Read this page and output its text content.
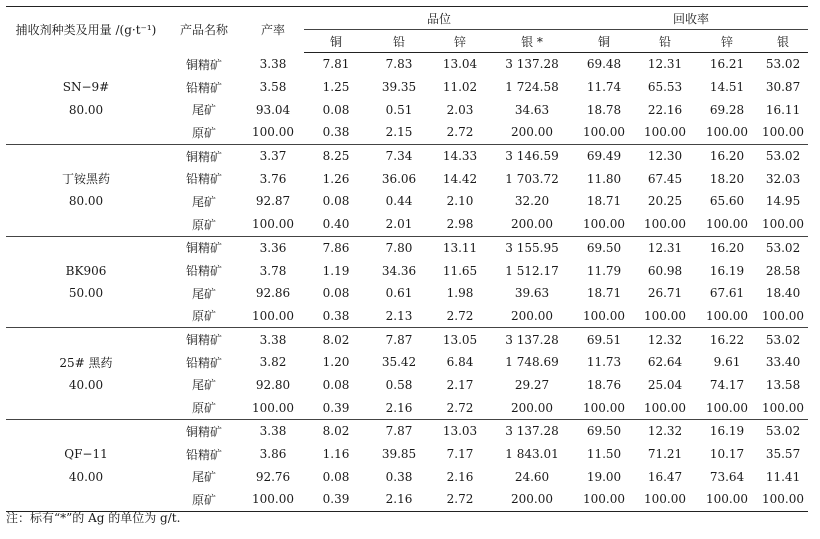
捕收剂种类及用量 /(g·t⁻¹)	产品名称	产率	品位				回收率			
			铜	铅	锌	银 *	铜	铅	锌	银
	铜精矿	3.38	7.81	7.83	13.04	3 137.28	69.48	12.31	16.21	53.02
SN−9#	铅精矿	3.58	1.25	39.35	11.02	1 724.58	11.74	65.53	14.51	30.87
80.00	尾矿	93.04	0.08	0.51	2.03	34.63	18.78	22.16	69.28	16.11
	原矿	100.00	0.38	2.15	2.72	200.00	100.00	100.00	100.00	100.00
	铜精矿	3.37	8.25	7.34	14.33	3 146.59	69.49	12.30	16.20	53.02
丁铵黑药	铅精矿	3.76	1.26	36.06	14.42	1 703.72	11.80	67.45	18.20	32.03
80.00	尾矿	92.87	0.08	0.44	2.10	32.20	18.71	20.25	65.60	14.95
	原矿	100.00	0.40	2.01	2.98	200.00	100.00	100.00	100.00	100.00
	铜精矿	3.36	7.86	7.80	13.11	3 155.95	69.50	12.31	16.20	53.02
BK906	铅精矿	3.78	1.19	34.36	11.65	1 512.17	11.79	60.98	16.19	28.58
50.00	尾矿	92.86	0.08	0.61	1.98	39.63	18.71	26.71	67.61	18.40
	原矿	100.00	0.38	2.13	2.72	200.00	100.00	100.00	100.00	100.00
	铜精矿	3.38	8.02	7.87	13.05	3 137.28	69.51	12.32	16.22	53.02
25# 黑药	铅精矿	3.82	1.20	35.42	6.84	1 748.69	11.73	62.64	9.61	33.40
40.00	尾矿	92.80	0.08	0.58	2.17	29.27	18.76	25.04	74.17	13.58
	原矿	100.00	0.39	2.16	2.72	200.00	100.00	100.00	100.00	100.00
	铜精矿	3.38	8.02	7.87	13.03	3 137.28	69.50	12.32	16.19	53.02
QF−11	铅精矿	3.86	1.16	39.85	7.17	1 843.01	11.50	71.21	10.17	35.57
40.00	尾矿	92.76	0.08	0.38	2.16	24.60	19.00	16.47	73.64	11.41
	原矿	100.00	0.39	2.16	2.72	200.00	100.00	100.00	100.00	100.00
注：标有“*”的 Ag 的单位为 g/t.
